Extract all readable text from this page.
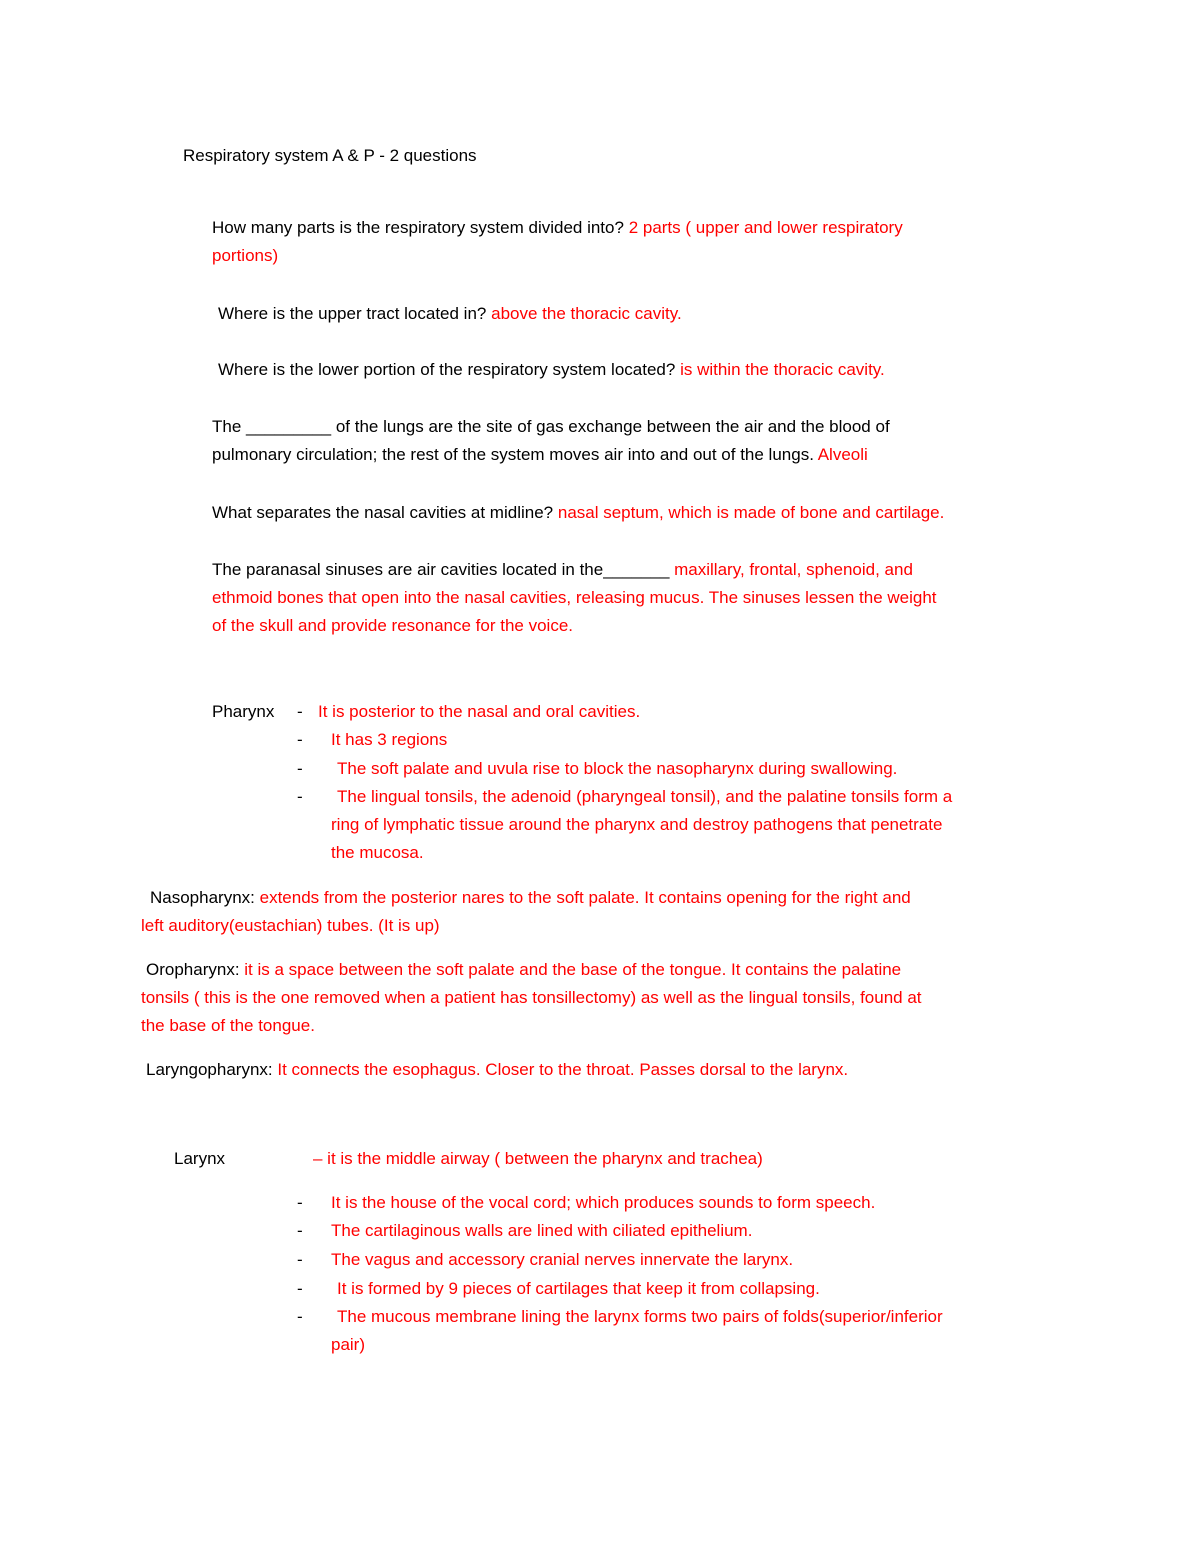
Respiratory system A & P - 2 questions
How many parts is the respiratory system divided into? 2 parts ( upper and lower respiratory
portions)
Where is the upper tract located in? above the thoracic cavity.
Where is the lower portion of the respiratory system located? is within the thoracic cavity.
The _________ of the lungs are the site of gas exchange between the air and the blood of
pulmonary circulation; the rest of the system moves air into and out of the lungs. Alveoli
What separates the nasal cavities at midline? nasal septum, which is made of bone and cartilage.
The paranasal sinuses are air cavities located in the_______ maxillary, frontal, sphenoid, and
ethmoid bones that open into the nasal cavities, releasing mucus. The sinuses lessen the weight
of the skull and provide resonance for the voice.
Pharynx - It is posterior to the nasal and oral cavities.
- It has 3 regions
- The soft palate and uvula rise to block the nasopharynx during swallowing.
- The lingual tonsils, the adenoid (pharyngeal tonsil), and the palatine tonsils form a
ring of lymphatic tissue around the pharynx and destroy pathogens that penetrate
the mucosa.
Nasopharynx: extends from the posterior nares to the soft palate. It contains opening for the right and
left auditory(eustachian) tubes. (It is up)
Oropharynx: it is a space between the soft palate and the base of the tongue. It contains the palatine
tonsils ( this is the one removed when a patient has tonsillectomy) as well as the lingual tonsils, found at
the base of the tongue.
Laryngopharynx: It connects the esophagus. Closer to the throat. Passes dorsal to the larynx.
Larynx	– it is the middle airway ( between the pharynx and trachea)
- It is the house of the vocal cord; which produces sounds to form speech.
- The cartilaginous walls are lined with ciliated epithelium.
- The vagus and accessory cranial nerves innervate the larynx.
- It is formed by 9 pieces of cartilages that keep it from collapsing.
- The mucous membrane lining the larynx forms two pairs of folds(superior/inferior
pair)
